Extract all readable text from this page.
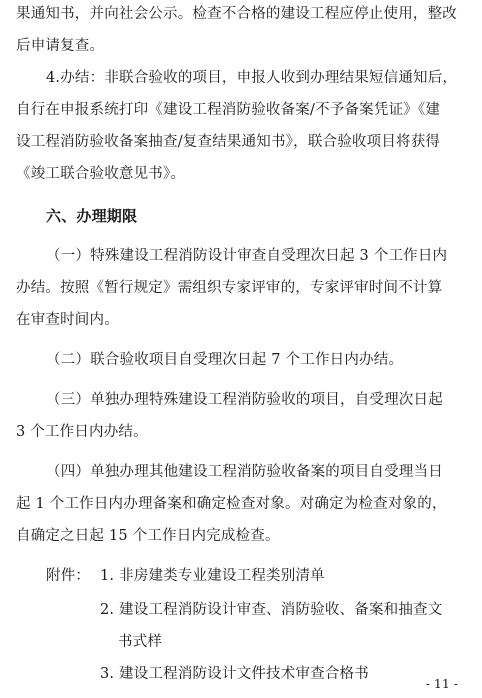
果通知书，并向社会公示。检查不合格的建设工程应停止使用，整改
后申请复查。
4.办结：非联合验收的项目，申报人收到办理结果短信通知后，
自行在申报系统打印《建设工程消防验收备案/不予备案凭证》《建
设工程消防验收备案抽查/复查结果通知书》，联合验收项目将获得
《竣工联合验收意见书》。
六、办理期限
（一）特殊建设工程消防设计审查自受理次日起 3 个工作日内
办结。按照《暂行规定》需组织专家评审的，专家评审时间不计算
在审查时间内。
（二）联合验收项目自受理次日起 7 个工作日内办结。
（三）单独办理特殊建设工程消防验收的项目，自受理次日起
3 个工作日内办结。
（四）单独办理其他建设工程消防验收备案的项目自受理当日
起 1 个工作日内办理备案和确定检查对象。对确定为检查对象的，
自确定之日起 15 个工作日内完成检查。
附件： 1. 非房建类专业建设工程类别清单
2. 建设工程消防设计审查、消防验收、备案和抽查文
书式样
3. 建设工程消防设计文件技术审查合格书
- 11 -
